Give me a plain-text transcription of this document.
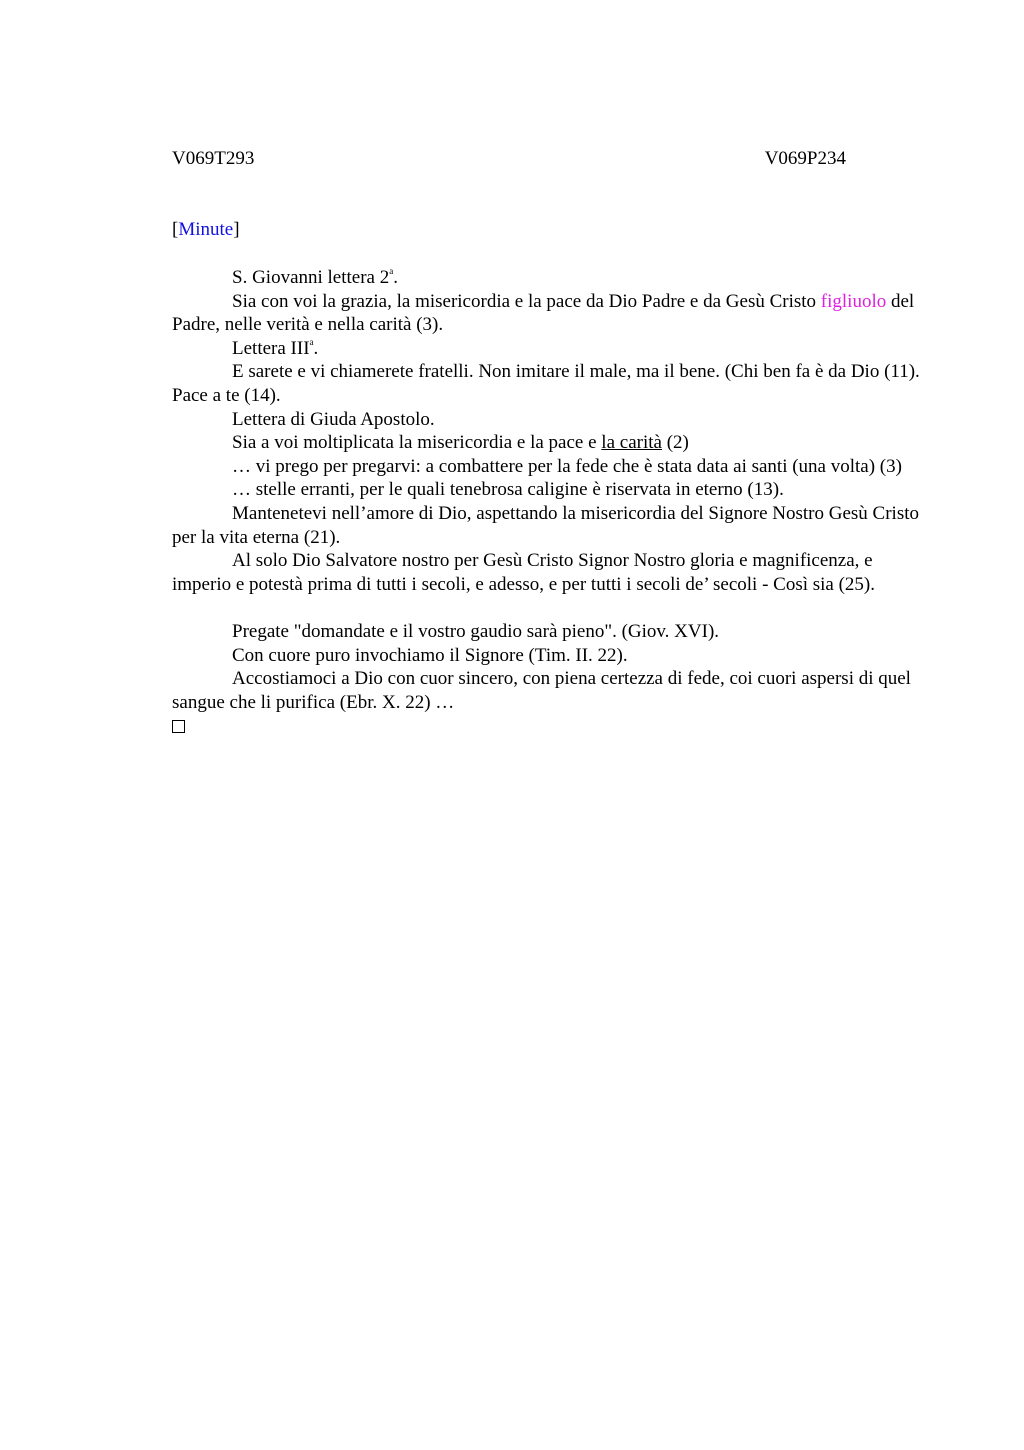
V069T293	V069P234
[Minute]

S. Giovanni lettera 2$^a$.

Sia con voi la grazia, la misericordia e la pace da Dio Padre e da Gesù Cristo figliuolo del Padre, nelle verità e nella carità (3).

Lettera III$^a$.

E sarete e vi chiamerete fratelli. Non imitare il male, ma il bene. (Chi ben fa è da Dio (11). Pace a te (14).

Lettera di Giuda Apostolo.

Sia a voi moltiplicata la misericordia e la pace e la carità (2)

… vi prego per pregarvi: a combattere per la fede che è stata data ai santi (una volta) (3)

… stelle erranti, per le quali tenebrosa caligine è riservata in eterno (13).

Mantenetevi nell’amore di Dio, aspettando la misericordia del Signore Nostro Gesù Cristo per la vita eterna (21).

Al solo Dio Salvatore nostro per Gesù Cristo Signor Nostro gloria e magnificenza, e imperio e potestà prima di tutti i secoli, e adesso, e per tutti i secoli de’ secoli - Così sia (25).

Pregate "domandate e il vostro gaudio sarà pieno". (Giov. XVI).

Con cuore puro invochiamo il Signore (Tim. II. 22).

Accostiamoci a Dio con cuor sincero, con piena certezza di fede, coi cuori aspersi di quel sangue che li purifica (Ebr. X. 22) …
